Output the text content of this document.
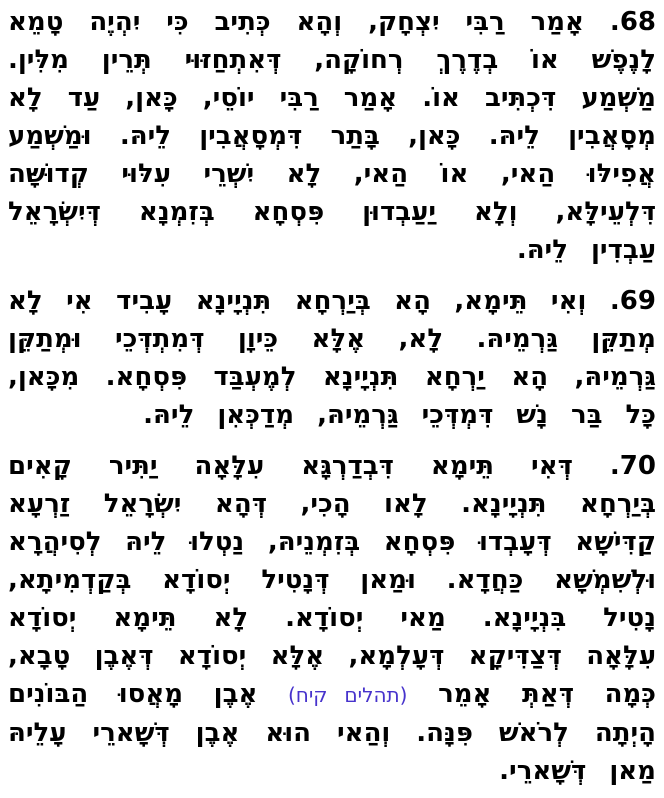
68. אָמַר רַבִּי יִצְחָק, וְהָא כְּתִיב כִּי יִהְיֶה טָמֵא לָנֶפֶשׁ אוֹ בְדֶרֶךְ רְחוֹקָה, דְּאִתְחַזּוּי תְּרֵין מִלִּין. מַשְׁמַע דִּכְתִּיב אוֹ. אָמַר רַבִּי יוֹסֵי, כָּאן, עַד לָא מְסָאֲבִין לֵיהּ. כָּאן, בָּתַר דִּמְסָאֲבִין לֵיהּ. וּמַשְׁמַע אֲפִילּוּ הַאי, אוֹ הַאי, לָא יִשְׁרֵי עִלּוּי קְדוּשָּׁה דִּלְעֵילָּא, וְלָא יַעַבְדוּן פִּסְחָא בְּזִמְנָא דְּיִשְׂרָאֵל עַבְדִין לֵיהּ.

69. וְאִי תֵּימָא, הָא בְּיַרְחָא תִּנְיָינָא עָבִיד אִי לָא מְתַקֵּן גַּרְמֵיהּ. לָא, אֶלָּא כֵּיוָן דְּמִתְדְּכֵי וּמְתַקֵּן גַּרְמֵיהּ, הָא יַרְחָא תִּנְיָינָא לְמֶעְבַּד פִּסְחָא. מִכָּאן, כָּל בַּר נָשׁ דִּמְדְּכֵי גַּרְמֵיהּ, מְדַכְּאִן לֵיהּ.

70. דְּאִי תֵּימָא דִּבְדַרְגָּא עִלָּאָה יַתִּיר קָאִים בְּיַרְחָא תִּנְיָינָא. לָאו הָכִי, דְּהָא יִשְׂרָאֵל זַרְעָא קַדִּישָׁא דְּעָבְדוּ פִּסְחָא בְּזִמְנֵיהּ, נַטְלוּ לֵיהּ לְסִיהֲרָא וּלְשִׁמְשָׁא כַּחֲדָא. וּמַאן דְּנָטִיל יְסוֹדָא בְּקַדְמִיתָא, נָטִיל בִּנְיָינָא. מַאי יְסוֹדָא. לָא תֵּימָא יְסוֹדָא עִלָּאָה דְּצַדִּיקָא דְּעָלְמָא, אֶלָּא יְסוֹדָא דְּאֶבֶן טָבָא, כְּמָה דְּאַתְּ אָמֵר (תהלים קיח) אֶבֶן מָאֲסוּ הַבּוֹנִים הָיְתָה לְרֹאשׁ פִּנָּה. וְהַאי הוּא אֶבֶן דְּשָׁארֵי עָלֵיהּ מַאן דְּשָׁארֵי.
